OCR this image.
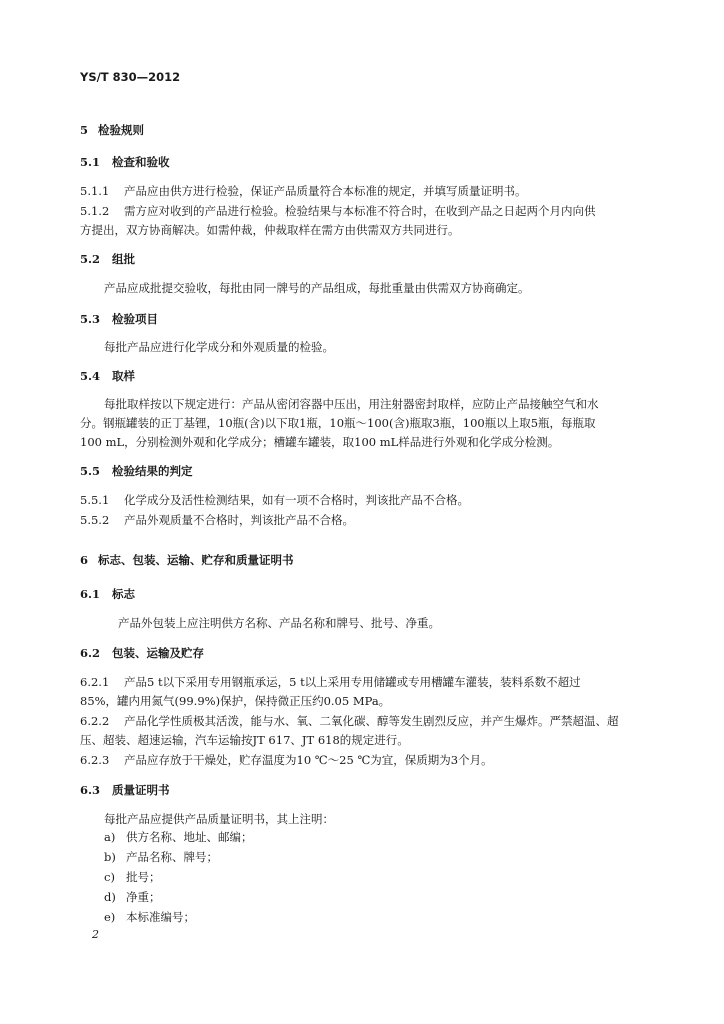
YS/T 830—2012
5 检验规则
5.1 检查和验收
5.1.1 产品应由供方进行检验，保证产品质量符合本标准的规定，并填写质量证明书。
5.1.2 需方应对收到的产品进行检验。检验结果与本标准不符合时，在收到产品之日起两个月内向供
方提出，双方协商解决。如需仲裁，仲裁取样在需方由供需双方共同进行。
5.2 组批
产品应成批提交验收，每批由同一牌号的产品组成，每批重量由供需双方协商确定。
5.3 检验项目
每批产品应进行化学成分和外观质量的检验。
5.4 取样
每批取样按以下规定进行：产品从密闭容器中压出，用注射器密封取样，应防止产品接触空气和水
分。钢瓶罐装的正丁基锂，10瓶(含)以下取1瓶，10瓶～100(含)瓶取3瓶，100瓶以上取5瓶，每瓶取
100 mL，分别检测外观和化学成分；槽罐车罐装，取100 mL样品进行外观和化学成分检测。
5.5 检验结果的判定
5.5.1 化学成分及活性检测结果，如有一项不合格时，判该批产品不合格。
5.5.2 产品外观质量不合格时，判该批产品不合格。
6 标志、包装、运输、贮存和质量证明书
6.1 标志
产品外包装上应注明供方名称、产品名称和牌号、批号、净重。
6.2 包装、运输及贮存
6.2.1 产品5 t以下采用专用钢瓶承运，5 t以上采用专用储罐或专用槽罐车灌装，装料系数不超过
85%，罐内用氮气(99.9%)保护，保持微正压约0.05 MPa。
6.2.2 产品化学性质极其活泼，能与水、氧、二氧化碳、醇等发生剧烈反应，并产生爆炸。严禁超温、超
压、超装、超速运输，汽车运输按JT 617、JT 618的规定进行。
6.2.3 产品应存放于干燥处，贮存温度为10 ℃～25 ℃为宜，保质期为3个月。
6.3 质量证明书
每批产品应提供产品质量证明书，其上注明：
a) 供方名称、地址、邮编；
b) 产品名称、牌号；
c) 批号；
d) 净重；
e) 本标准编号；
2
